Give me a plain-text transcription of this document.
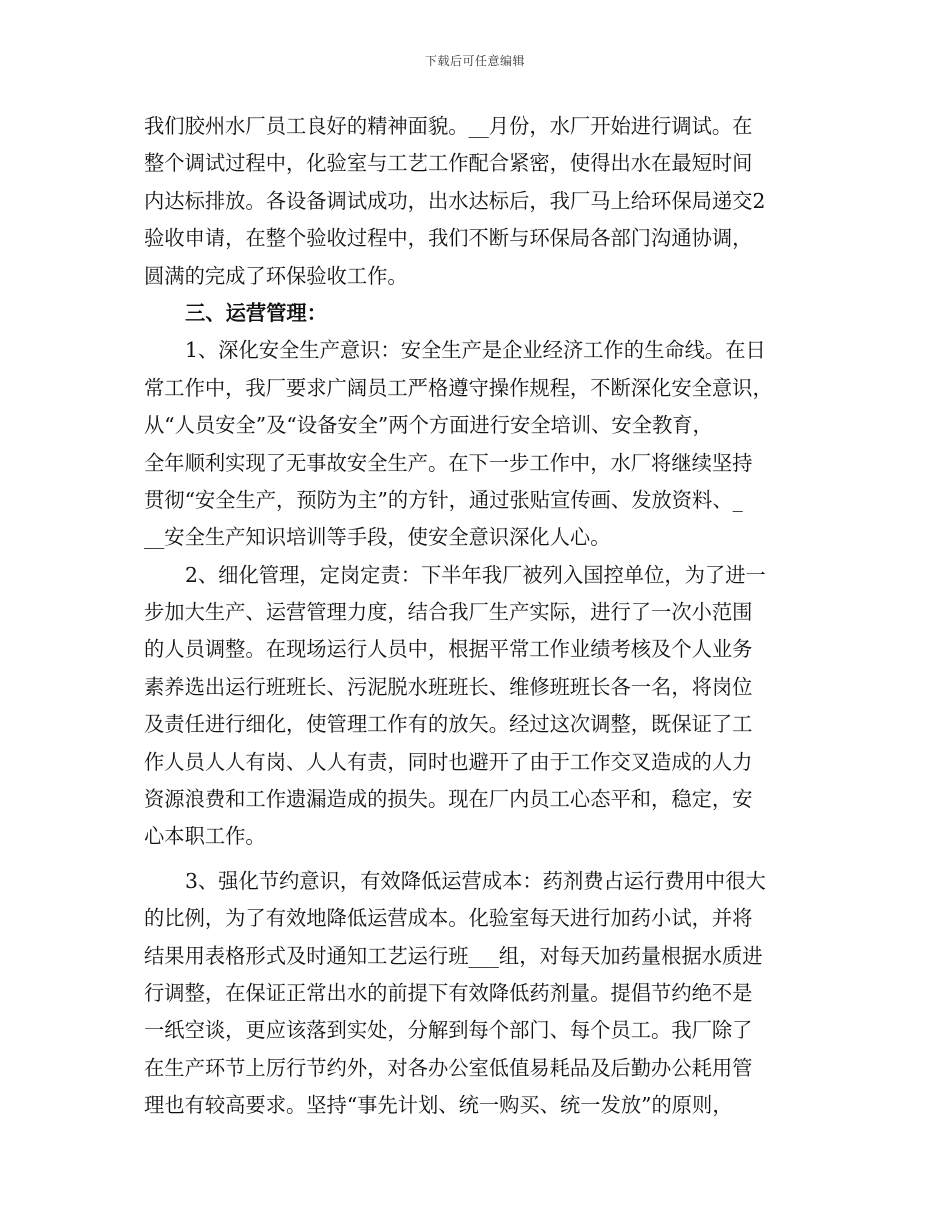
下载后可任意编辑
我们胶州水厂员工良好的精神面貌。__月份，水厂开始进行调试。在
整个调试过程中，化验室与工艺工作配合紧密，使得出水在最短时间
内达标排放。各设备调试成功，出水达标后，我厂马上给环保局递交2
验收申请，在整个验收过程中，我们不断与环保局各部门沟通协调，
圆满的完成了环保验收工作。
三、运营管理：
1、深化安全生产意识：安全生产是企业经济工作的生命线。在日
常工作中，我厂要求广阔员工严格遵守操作规程，不断深化安全意识，
从“人员安全”及“设备安全”两个方面进行安全培训、安全教育，
全年顺利实现了无事故安全生产。在下一步工作中，水厂将继续坚持
贯彻“安全生产，预防为主”的方针，通过张贴宣传画、发放资料、_
__安全生产知识培训等手段，使安全意识深化人心。
2、细化管理，定岗定责：下半年我厂被列入国控单位，为了进一
步加大生产、运营管理力度，结合我厂生产实际，进行了一次小范围
的人员调整。在现场运行人员中，根据平常工作业绩考核及个人业务
素养选出运行班班长、污泥脱水班班长、维修班班长各一名，将岗位
及责任进行细化，使管理工作有的放矢。经过这次调整，既保证了工
作人员人人有岗、人人有责，同时也避开了由于工作交叉造成的人力
资源浪费和工作遗漏造成的损失。现在厂内员工心态平和，稳定，安
心本职工作。
3、强化节约意识，有效降低运营成本：药剂费占运行费用中很大
的比例，为了有效地降低运营成本。化验室每天进行加药小试，并将
结果用表格形式及时通知工艺运行班___组，对每天加药量根据水质进
行调整，在保证正常出水的前提下有效降低药剂量。提倡节约绝不是
一纸空谈，更应该落到实处，分解到每个部门、每个员工。我厂除了
在生产环节上厉行节约外，对各办公室低值易耗品及后勤办公耗用管
理也有较高要求。坚持“事先计划、统一购买、统一发放”的原则，
